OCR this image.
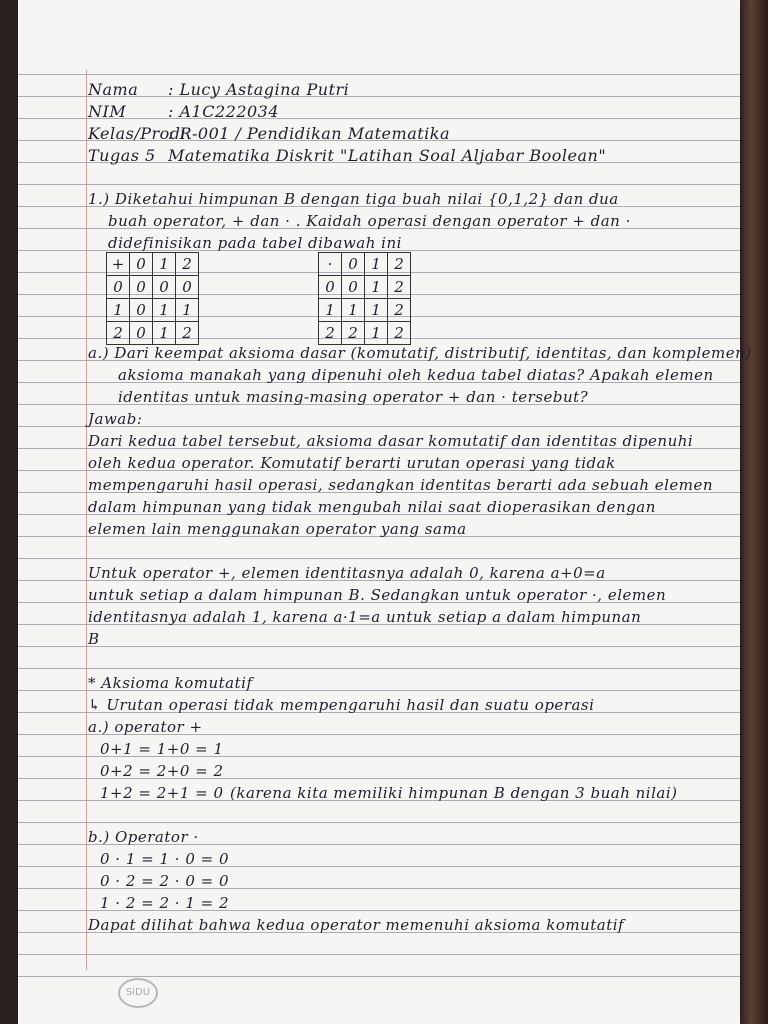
Nama : Lucy Astagina Putri
NIM	: A1C222034
Kelas/Prodi
: R-001 / Pendidikan Matematika
Tugas 5 Matematika Diskrit "Latihan Soal Aljabar Boolean"
1.) Diketahui himpunan B dengan tiga buah nilai {0,1,2} dan dua
buah operator, + dan · . Kaidah operasi dengan operator + dan ·
didefinisikan pada tabel dibawah ini
+	0	1	2
0	0	0	0
1	0	1	1
2	0	1	2
·	0	1	2
0	0	1	2
1	1	1	2
2	2	1	2
a.) Dari keempat aksioma dasar (komutatif, distributif, identitas, dan komplemen)
aksioma manakah yang dipenuhi oleh kedua tabel diatas? Apakah elemen
identitas untuk masing-masing operator + dan · tersebut?
Jawab:
Dari kedua tabel tersebut, aksioma dasar komutatif dan identitas dipenuhi
oleh kedua operator. Komutatif berarti urutan operasi yang tidak
mempengaruhi hasil operasi, sedangkan identitas berarti ada sebuah elemen
dalam himpunan yang tidak mengubah nilai saat dioperasikan dengan
elemen lain menggunakan operator yang sama
Untuk operator +, elemen identitasnya adalah 0, karena a+0=a
untuk setiap a dalam himpunan B. Sedangkan untuk operator ·, elemen
identitasnya adalah 1, karena a·1=a untuk setiap a dalam himpunan
B
* Aksioma komutatif
↳ Urutan operasi tidak mempengaruhi hasil dan suatu operasi
a.) operator +
0+1 = 1+0 = 1
0+2 = 2+0 = 2
1+2 = 2+1 = 0 (karena kita memiliki himpunan B dengan 3 buah nilai)
b.) Operator ·
0 · 1 = 1 · 0 = 0
0 · 2 = 2 · 0 = 0
1 · 2 = 2 · 1 = 2
Dapat dilihat bahwa kedua operator memenuhi aksioma komutatif
SiDU
